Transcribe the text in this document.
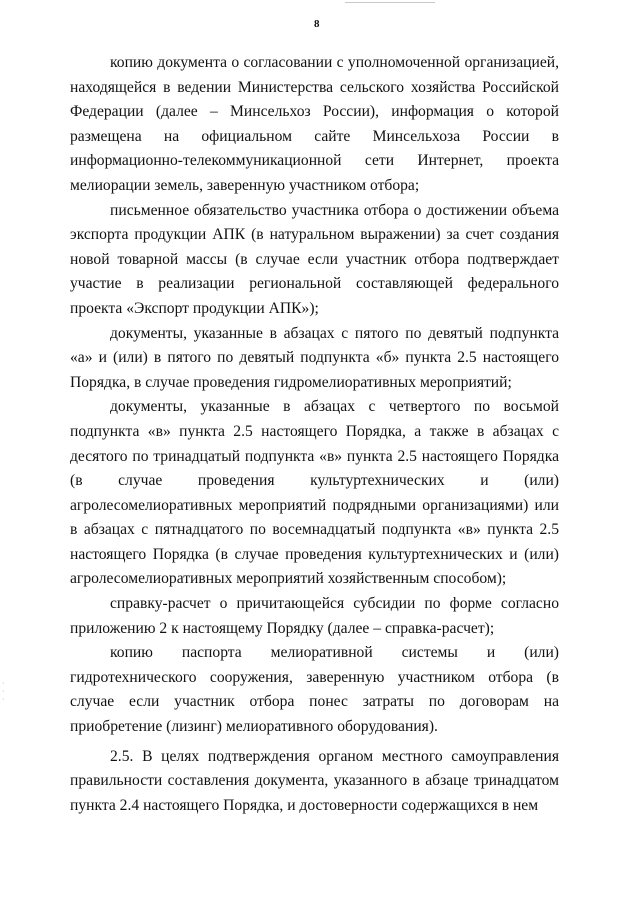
8

копию документа о согласовании с уполномоченной организацией, находящейся в ведении Министерства сельского хозяйства Российской Федерации (далее – Минсельхоз России), информация о которой размещена на официальном сайте Минсельхоза России в информационно-телекоммуникационной сети Интернет, проекта мелиорации земель, заверенную участником отбора;

письменное обязательство участника отбора о достижении объема экспорта продукции АПК (в натуральном выражении) за счет создания новой товарной массы (в случае если участник отбора подтверждает участие в реализации региональной составляющей федерального проекта «Экспорт продукции АПК»);

документы, указанные в абзацах с пятого по девятый подпункта «а» и (или) в пятого по девятый подпункта «б» пункта 2.5 настоящего Порядка, в случае проведения гидромелиоративных мероприятий;

документы, указанные в абзацах с четвертого по восьмой подпункта «в» пункта 2.5 настоящего Порядка, а также в абзацах с десятого по тринадцатый подпункта «в» пункта 2.5 настоящего Порядка (в случае проведения культуртехнических и (или) агролесомелиоративных мероприятий подрядными организациями) или в абзацах с пятнадцатого по восемнадцатый подпункта «в» пункта 2.5 настоящего Порядка (в случае проведения культуртехнических и (или) агролесомелиоративных мероприятий хозяйственным способом);

справку-расчет о причитающейся субсидии по форме согласно приложению 2 к настоящему Порядку (далее – справка-расчет);

копию паспорта мелиоративной системы и (или) гидротехнического сооружения, заверенную участником отбора (в случае если участник отбора понес затраты по договорам на приобретение (лизинг) мелиоративного оборудования).

2.5. В целях подтверждения органом местного самоуправления правильности составления документа, указанного в абзаце тринадцатом пункта 2.4 настоящего Порядка, и достоверности содержащихся в нем

·
·
·
